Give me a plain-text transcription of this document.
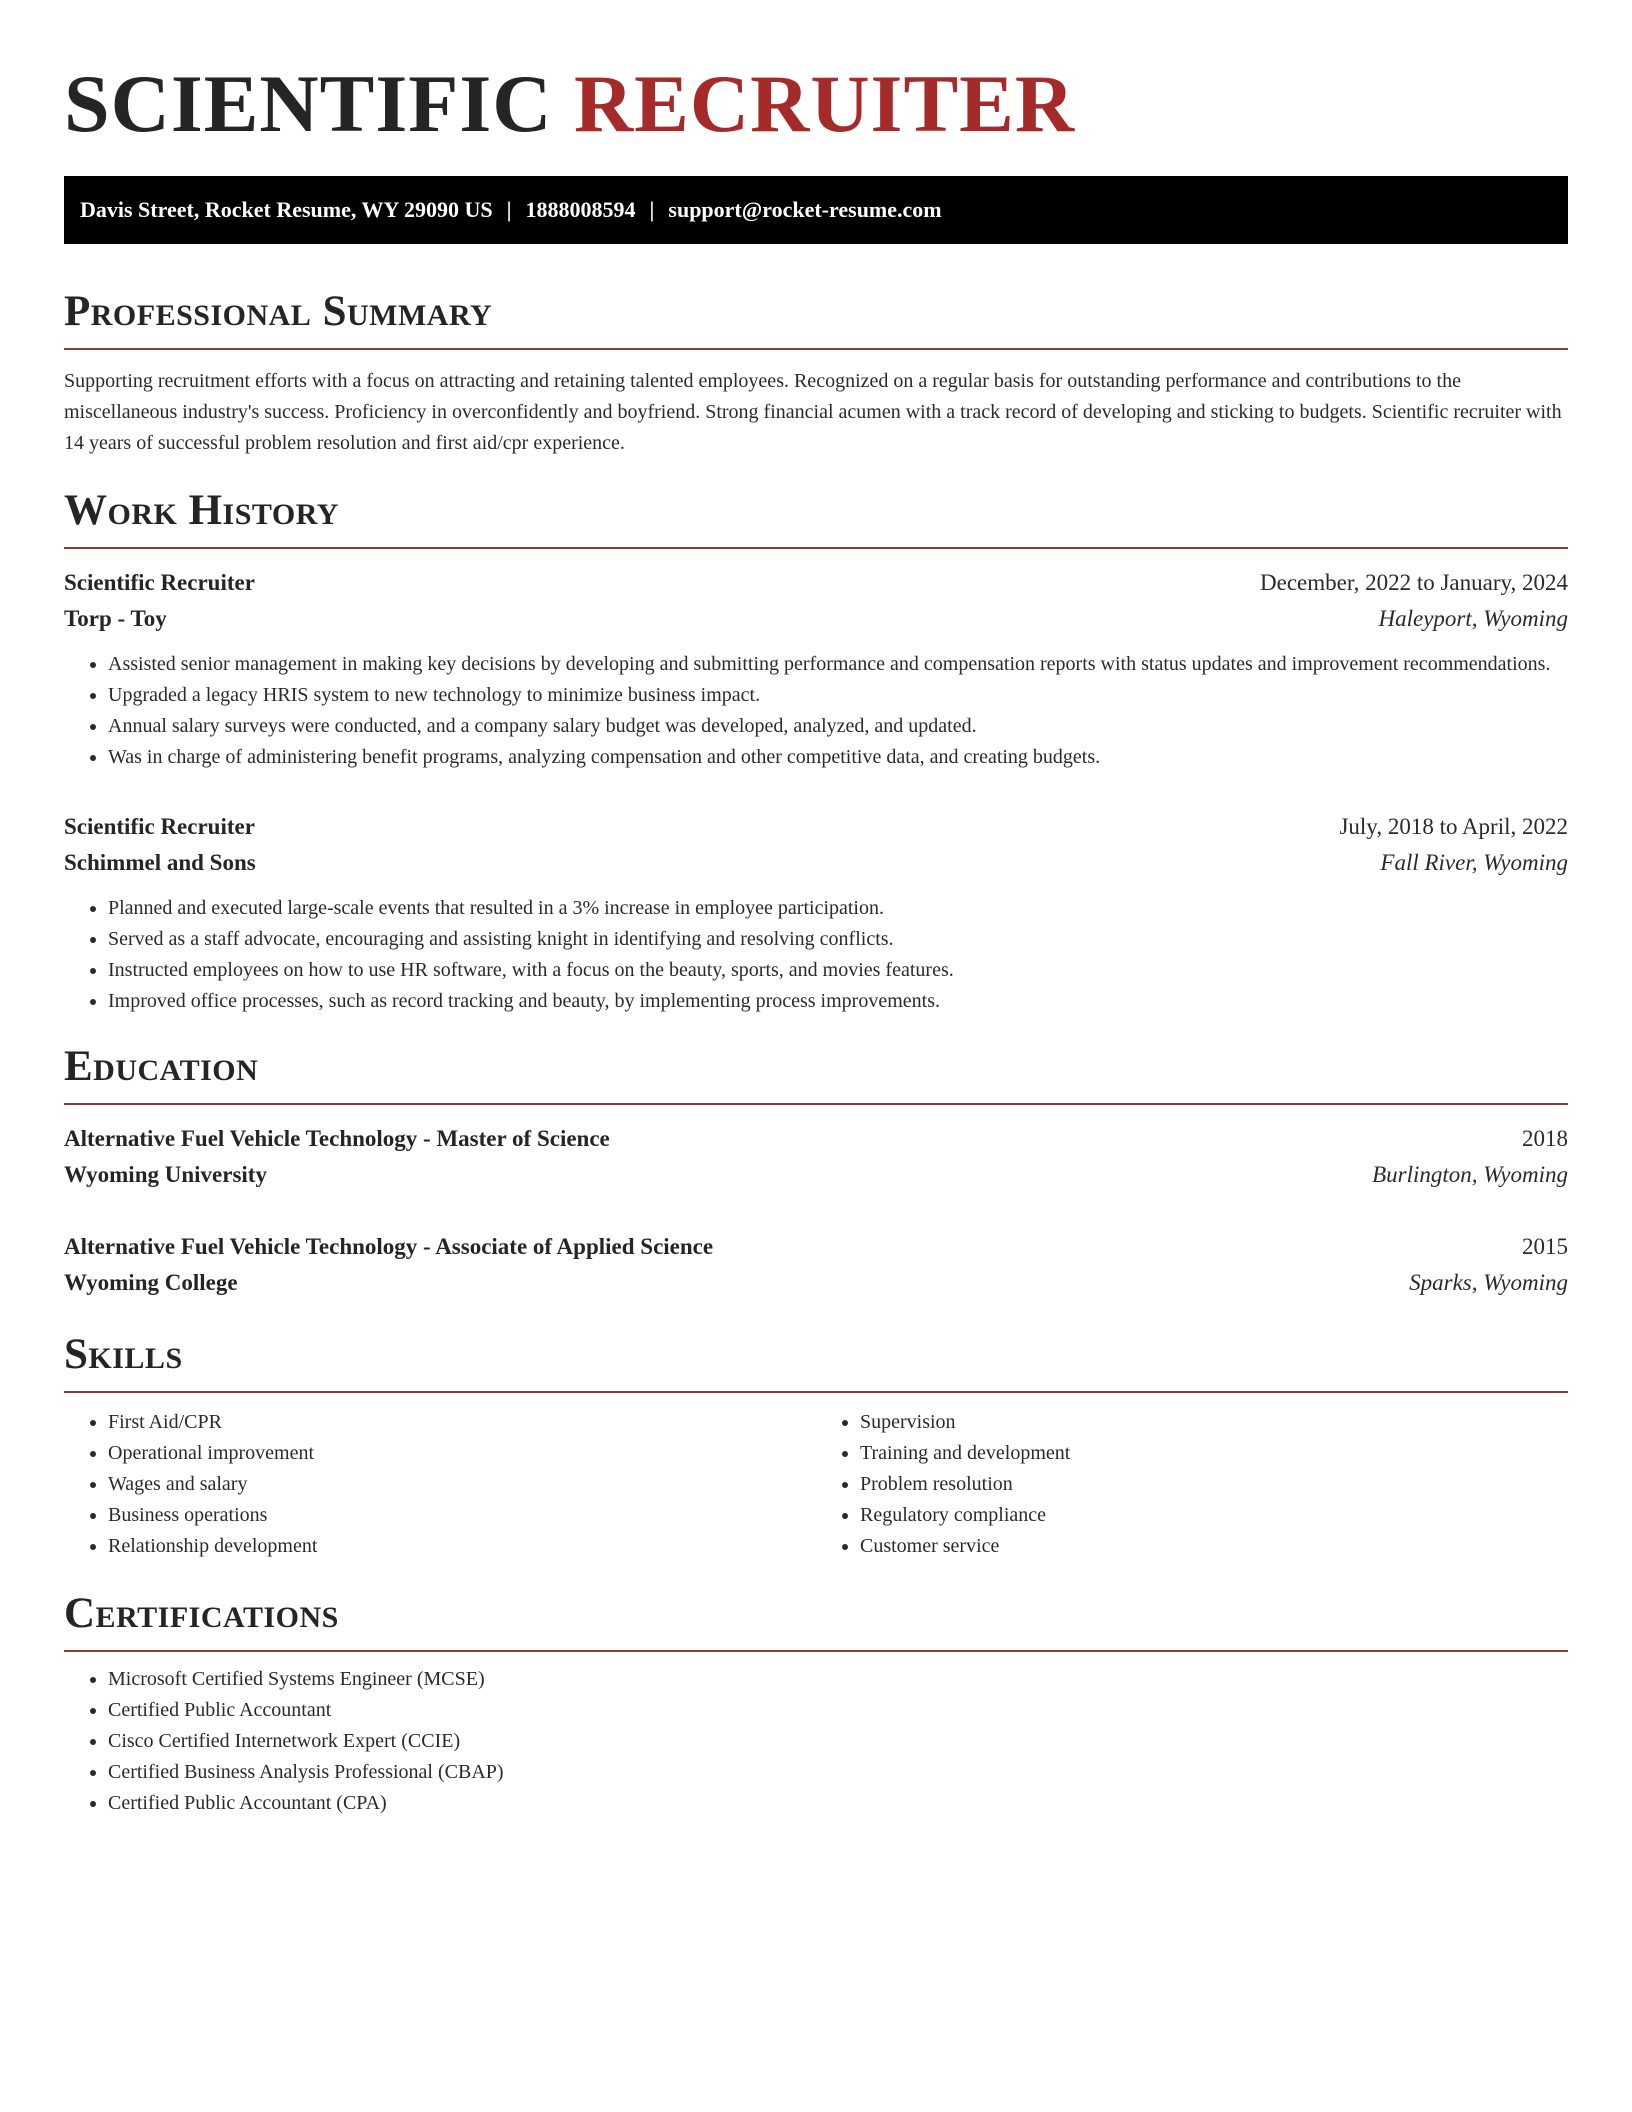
SCIENTIFIC RECRUITER
Davis Street, Rocket Resume, WY 29090 US | 1888008594 | support@rocket-resume.com
Professional Summary

Supporting recruitment efforts with a focus on attracting and retaining talented employees. Recognized on a regular basis for outstanding performance and contributions to the miscellaneous industry's success. Proficiency in overconfidently and boyfriend. Strong financial acumen with a track record of developing and sticking to budgets. Scientific recruiter with 14 years of successful problem resolution and first aid/cpr experience.

Work History
Scientific Recruiter	December, 2022 to January, 2024
Torp - Toy	Haleyport, Wyoming
• Assisted senior management in making key decisions by developing and submitting performance and compensation reports with status updates and improvement recommendations.
• Upgraded a legacy HRIS system to new technology to minimize business impact.
• Annual salary surveys were conducted, and a company salary budget was developed, analyzed, and updated.
• Was in charge of administering benefit programs, analyzing compensation and other competitive data, and creating budgets.
Scientific Recruiter	July, 2018 to April, 2022
Schimmel and Sons	Fall River, Wyoming
• Planned and executed large-scale events that resulted in a 3% increase in employee participation.
• Served as a staff advocate, encouraging and assisting knight in identifying and resolving conflicts.
• Instructed employees on how to use HR software, with a focus on the beauty, sports, and movies features.
• Improved office processes, such as record tracking and beauty, by implementing process improvements.
Education
Alternative Fuel Vehicle Technology - Master of Science	2018
Wyoming University	Burlington, Wyoming
Alternative Fuel Vehicle Technology - Associate of Applied Science	2015
Wyoming College	Sparks, Wyoming
Skills
• First Aid/CPR
• Operational improvement
• Wages and salary
• Business operations
• Relationship development
• Supervision
• Training and development
• Problem resolution
• Regulatory compliance
• Customer service
Certifications
• Microsoft Certified Systems Engineer (MCSE)
• Certified Public Accountant
• Cisco Certified Internetwork Expert (CCIE)
• Certified Business Analysis Professional (CBAP)
• Certified Public Accountant (CPA)
